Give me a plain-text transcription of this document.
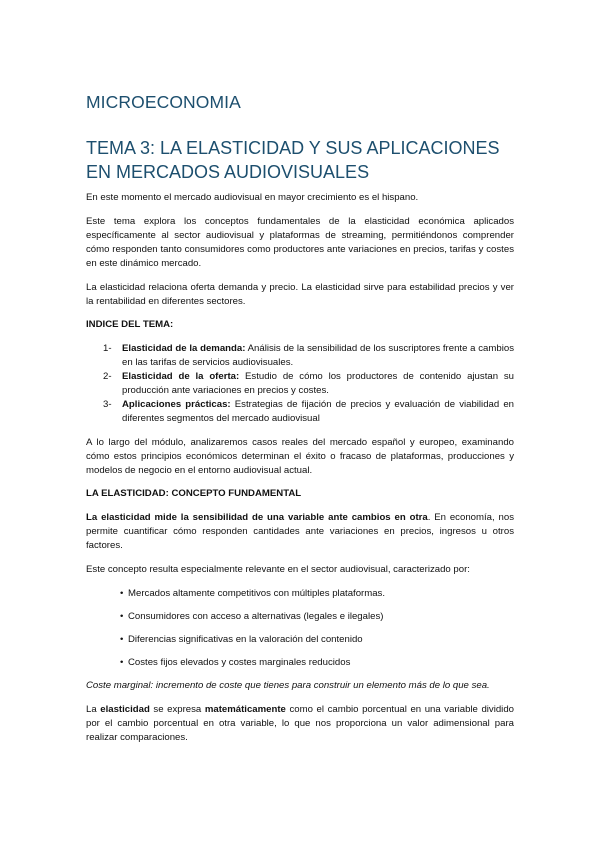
MICROECONOMIA
TEMA 3: LA ELASTICIDAD Y SUS APLICACIONES EN MERCADOS AUDIOVISUALES

En este momento el mercado audiovisual en mayor crecimiento es el hispano.

Este tema explora los conceptos fundamentales de la elasticidad económica aplicados específicamente al sector audiovisual y plataformas de streaming, permitiéndonos comprender cómo responden tanto consumidores como productores ante variaciones en precios, tarifas y costes en este dinámico mercado.

La elasticidad relaciona oferta demanda y precio. La elasticidad sirve para estabilidad precios y ver la rentabilidad en diferentes sectores.

INDICE DEL TEMA:
1- Elasticidad de la demanda: Análisis de la sensibilidad de los suscriptores frente a cambios en las tarifas de servicios audiovisuales.
2- Elasticidad de la oferta: Estudio de cómo los productores de contenido ajustan su producción ante variaciones en precios y costes.
3- Aplicaciones prácticas: Estrategias de fijación de precios y evaluación de viabilidad en diferentes segmentos del mercado audiovisual

A lo largo del módulo, analizaremos casos reales del mercado español y europeo, examinando cómo estos principios económicos determinan el éxito o fracaso de plataformas, producciones y modelos de negocio en el entorno audiovisual actual.

LA ELASTICIDAD: CONCEPTO FUNDAMENTAL

La elasticidad mide la sensibilidad de una variable ante cambios en otra. En economía, nos permite cuantificar cómo responden cantidades ante variaciones en precios, ingresos u otros factores.

Este concepto resulta especialmente relevante en el sector audiovisual, caracterizado por:

• Mercados altamente competitivos con múltiples plataformas.
• Consumidores con acceso a alternativas (legales e ilegales)
• Diferencias significativas en la valoración del contenido
• Costes fijos elevados y costes marginales reducidos

Coste marginal: incremento de coste que tienes para construir un elemento más de lo que sea.

La elasticidad se expresa matemáticamente como el cambio porcentual en una variable dividido por el cambio porcentual en otra variable, lo que nos proporciona un valor adimensional para realizar comparaciones.
